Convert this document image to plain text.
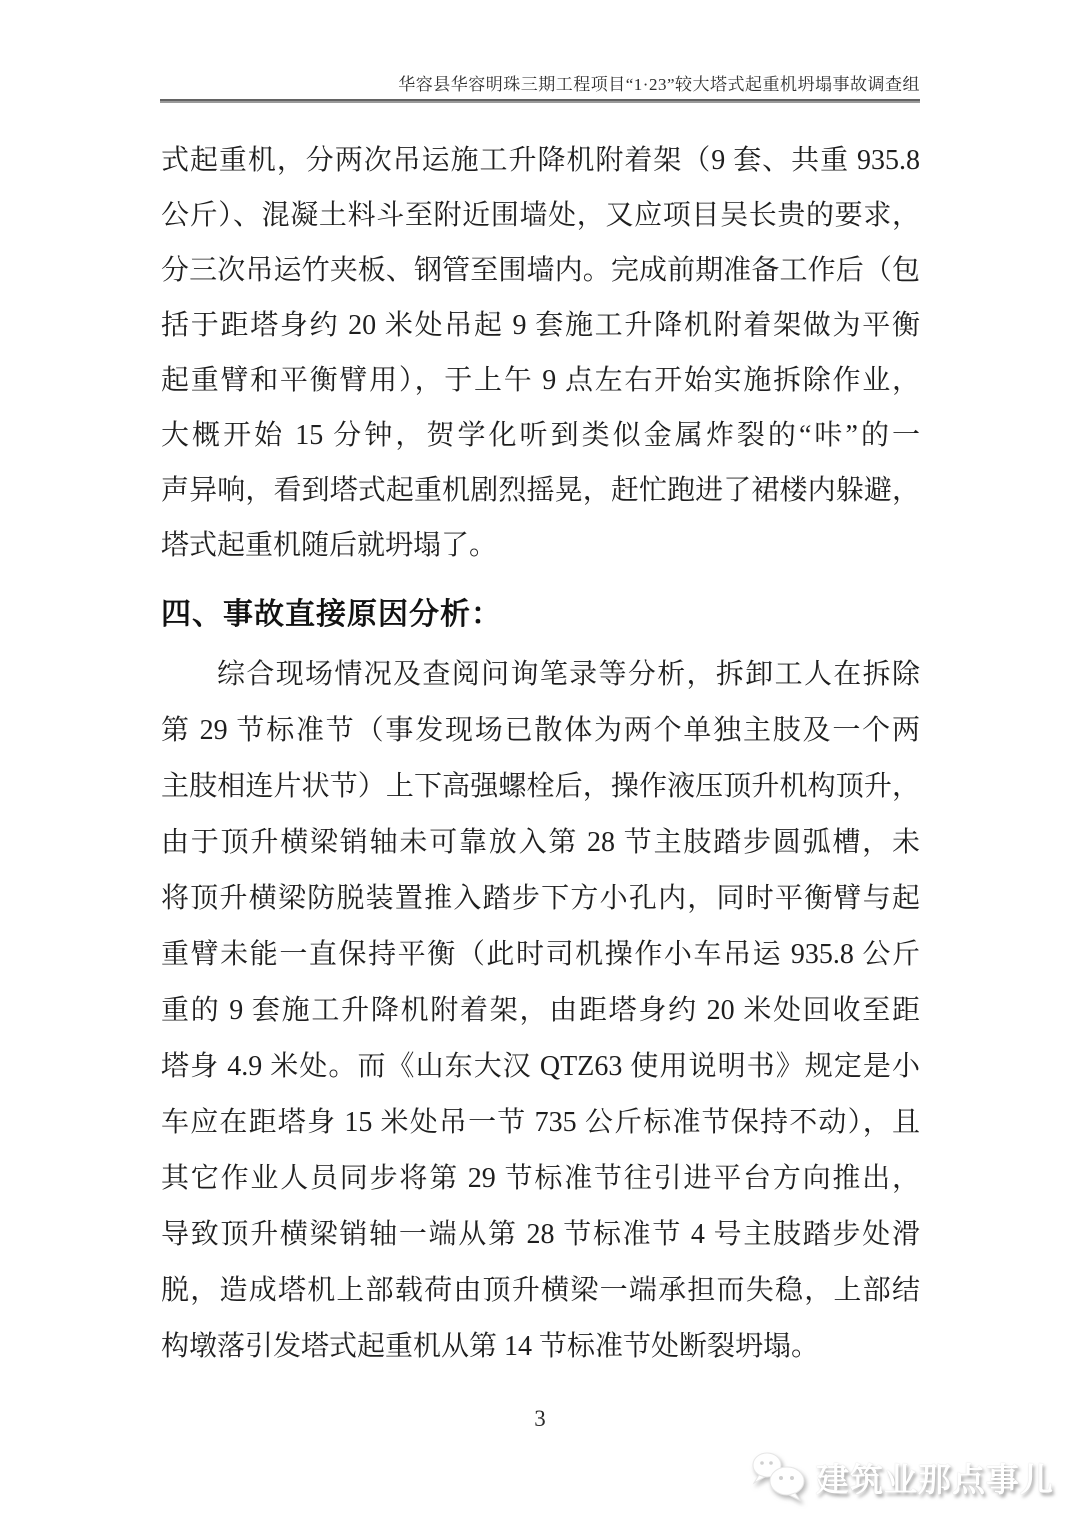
华容县华容明珠三期工程项目“1·23”较大塔式起重机坍塌事故调查组
式起重机，分两次吊运施工升降机附着架（9 套、共重 935.8
公斤）、混凝土料斗至附近围墙处，又应项目吴长贵的要求，
分三次吊运竹夹板、钢管至围墙内。完成前期准备工作后（包
括于距塔身约 20 米处吊起 9 套施工升降机附着架做为平衡
起重臂和平衡臂用），于上午 9 点左右开始实施拆除作业，
大概开始 15 分钟，贺学化听到类似金属炸裂的“咔”的一
声异响，看到塔式起重机剧烈摇晃，赶忙跑进了裙楼内躲避，
塔式起重机随后就坍塌了。
四、事故直接原因分析：
综合现场情况及查阅问询笔录等分析，拆卸工人在拆除
第 29 节标准节（事发现场已散体为两个单独主肢及一个两
主肢相连片状节）上下高强螺栓后，操作液压顶升机构顶升，
由于顶升横梁销轴未可靠放入第 28 节主肢踏步圆弧槽，未
将顶升横梁防脱装置推入踏步下方小孔内，同时平衡臂与起
重臂未能一直保持平衡（此时司机操作小车吊运 935.8 公斤
重的 9 套施工升降机附着架，由距塔身约 20 米处回收至距
塔身 4.9 米处。而《山东大汉 QTZ63 使用说明书》规定是小
车应在距塔身 15 米处吊一节 735 公斤标准节保持不动），且
其它作业人员同步将第 29 节标准节往引进平台方向推出，
导致顶升横梁销轴一端从第 28 节标准节 4 号主肢踏步处滑
脱，造成塔机上部载荷由顶升横梁一端承担而失稳，上部结
构墩落引发塔式起重机从第 14 节标准节处断裂坍塌。
3
建筑业那点事儿
